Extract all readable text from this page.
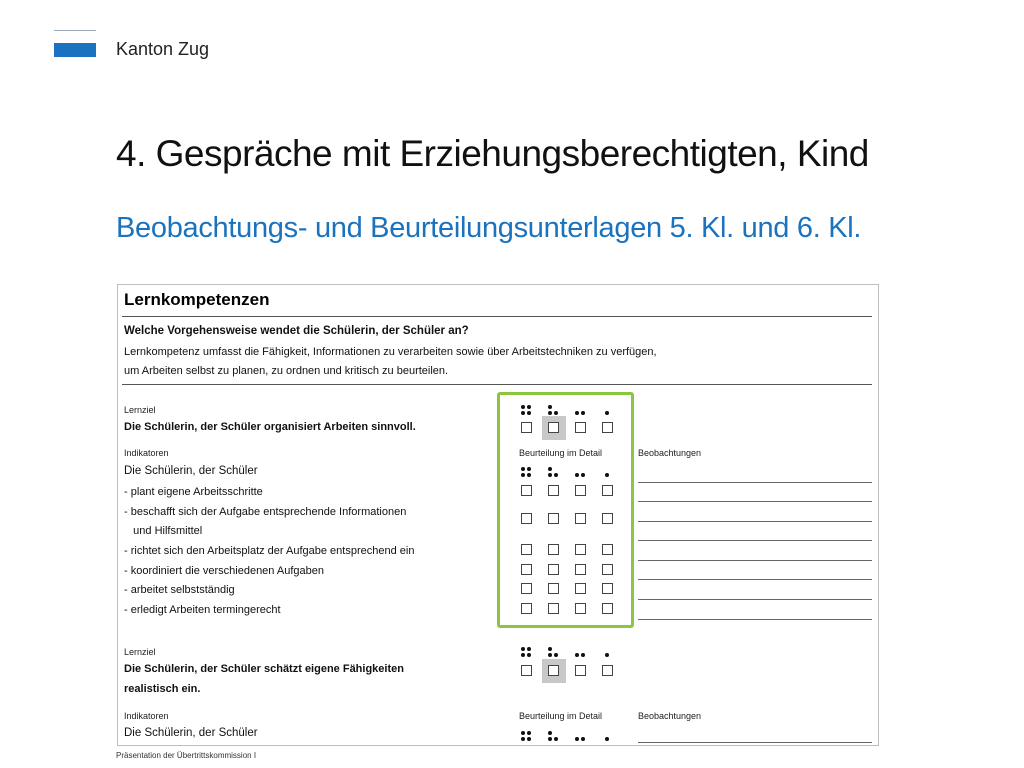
Kanton Zug
4. Gespräche mit Erziehungsberechtigten, Kind
Beobachtungs- und Beurteilungsunterlagen 5. Kl. und 6. Kl.
Lernkompetenzen
Welche Vorgehensweise wendet die Schülerin, der Schüler an?
Lernkompetenz umfasst die Fähigkeit, Informationen zu verarbeiten sowie über Arbeitstechniken zu verfügen,
um Arbeiten selbst zu planen, zu ordnen und kritisch zu beurteilen.
Lernziel
Die Schülerin, der Schüler organisiert Arbeiten sinnvoll.
Indikatoren	Beurteilung im Detail	Beobachtungen
Die Schülerin, der Schüler
- plant eigene Arbeitsschritte
- beschafft sich der Aufgabe entsprechende Informationen
und Hilfsmittel
- richtet sich den Arbeitsplatz der Aufgabe entsprechend ein
- koordiniert die verschiedenen Aufgaben
- arbeitet selbstständig
- erledigt Arbeiten termingerecht
Lernziel
Die Schülerin, der Schüler schätzt eigene Fähigkeiten
realistisch ein.
Indikatoren	Beurteilung im Detail	Beobachtungen
Die Schülerin, der Schüler
Präsentation der Übertrittskommission I
